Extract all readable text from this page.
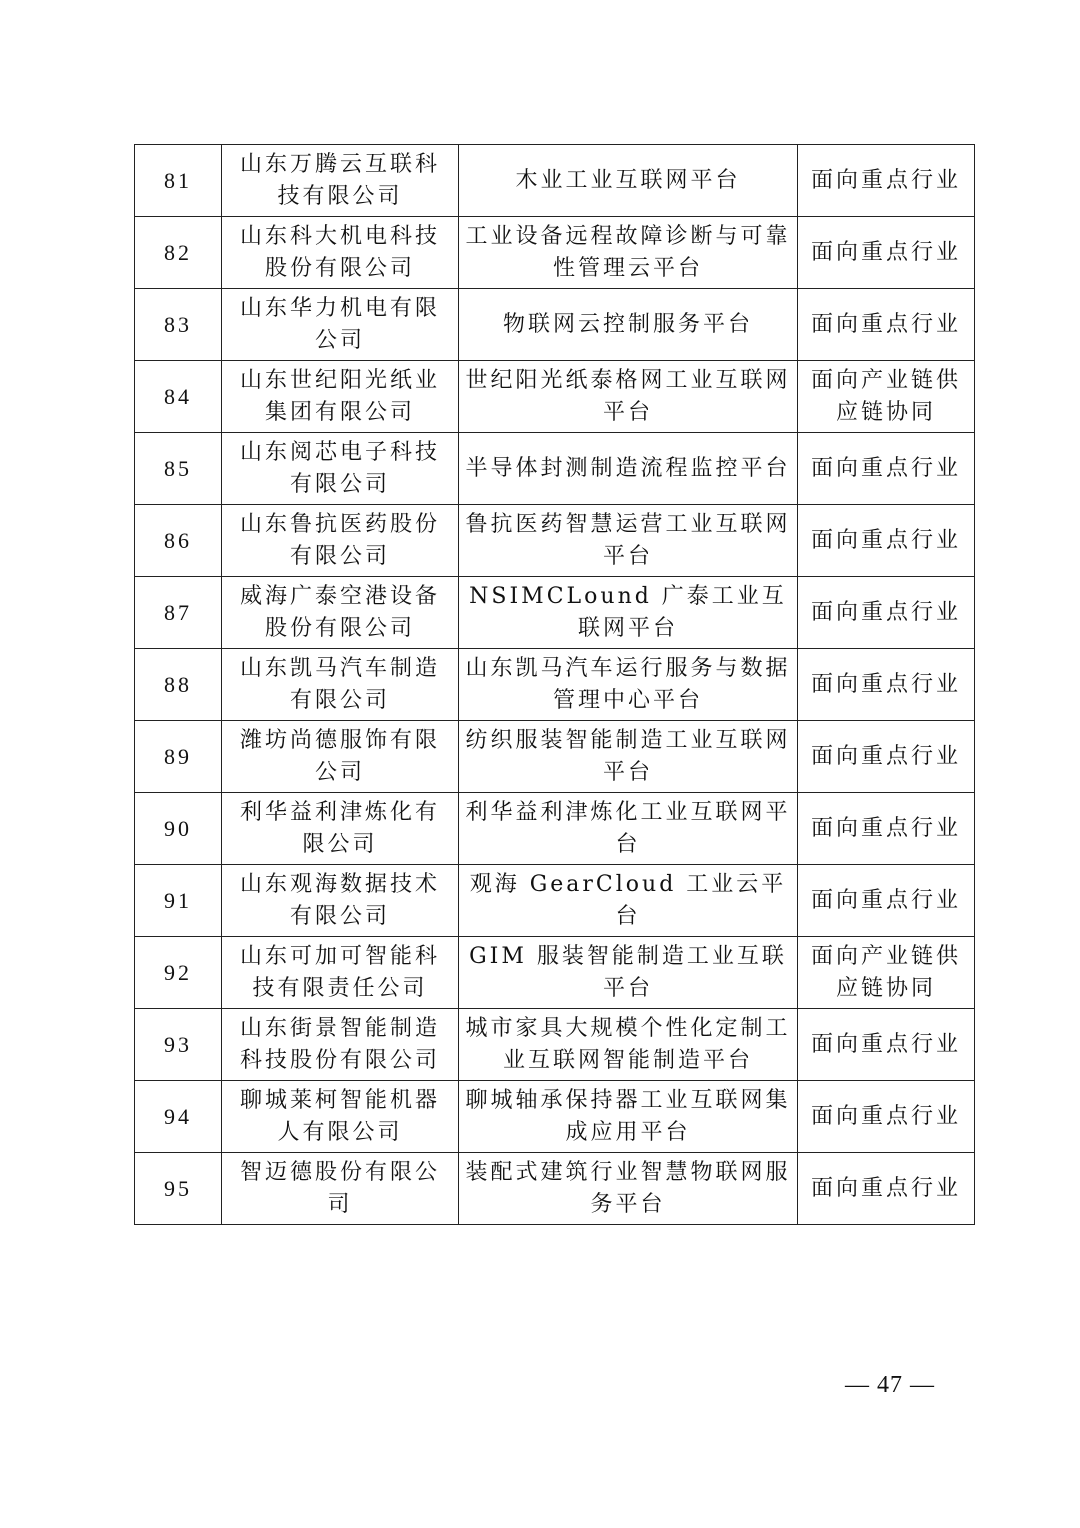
81	山东万腾云互联科技有限公司	木业工业互联网平台	面向重点行业
82	山东科大机电科技股份有限公司	工业设备远程故障诊断与可靠性管理云平台	面向重点行业
83	山东华力机电有限公司	物联网云控制服务平台	面向重点行业
84	山东世纪阳光纸业集团有限公司	世纪阳光纸泰格网工业互联网平台	面向产业链供应链协同
85	山东阅芯电子科技有限公司	半导体封测制造流程监控平台	面向重点行业
86	山东鲁抗医药股份有限公司	鲁抗医药智慧运营工业互联网平台	面向重点行业
87	威海广泰空港设备股份有限公司	NSIMCLound 广泰工业互联网平台	面向重点行业
88	山东凯马汽车制造有限公司	山东凯马汽车运行服务与数据管理中心平台	面向重点行业
89	潍坊尚德服饰有限公司	纺织服装智能制造工业互联网平台	面向重点行业
90	利华益利津炼化有限公司	利华益利津炼化工业互联网平台	面向重点行业
91	山东观海数据技术有限公司	观海 GearCloud 工业云平台	面向重点行业
92	山东可加可智能科技有限责任公司	GIM 服装智能制造工业互联平台	面向产业链供应链协同
93	山东街景智能制造科技股份有限公司	城市家具大规模个性化定制工业互联网智能制造平台	面向重点行业
94	聊城莱柯智能机器人有限公司	聊城轴承保持器工业互联网集成应用平台	面向重点行业
95	智迈德股份有限公司	装配式建筑行业智慧物联网服务平台	面向重点行业
— 47 —
